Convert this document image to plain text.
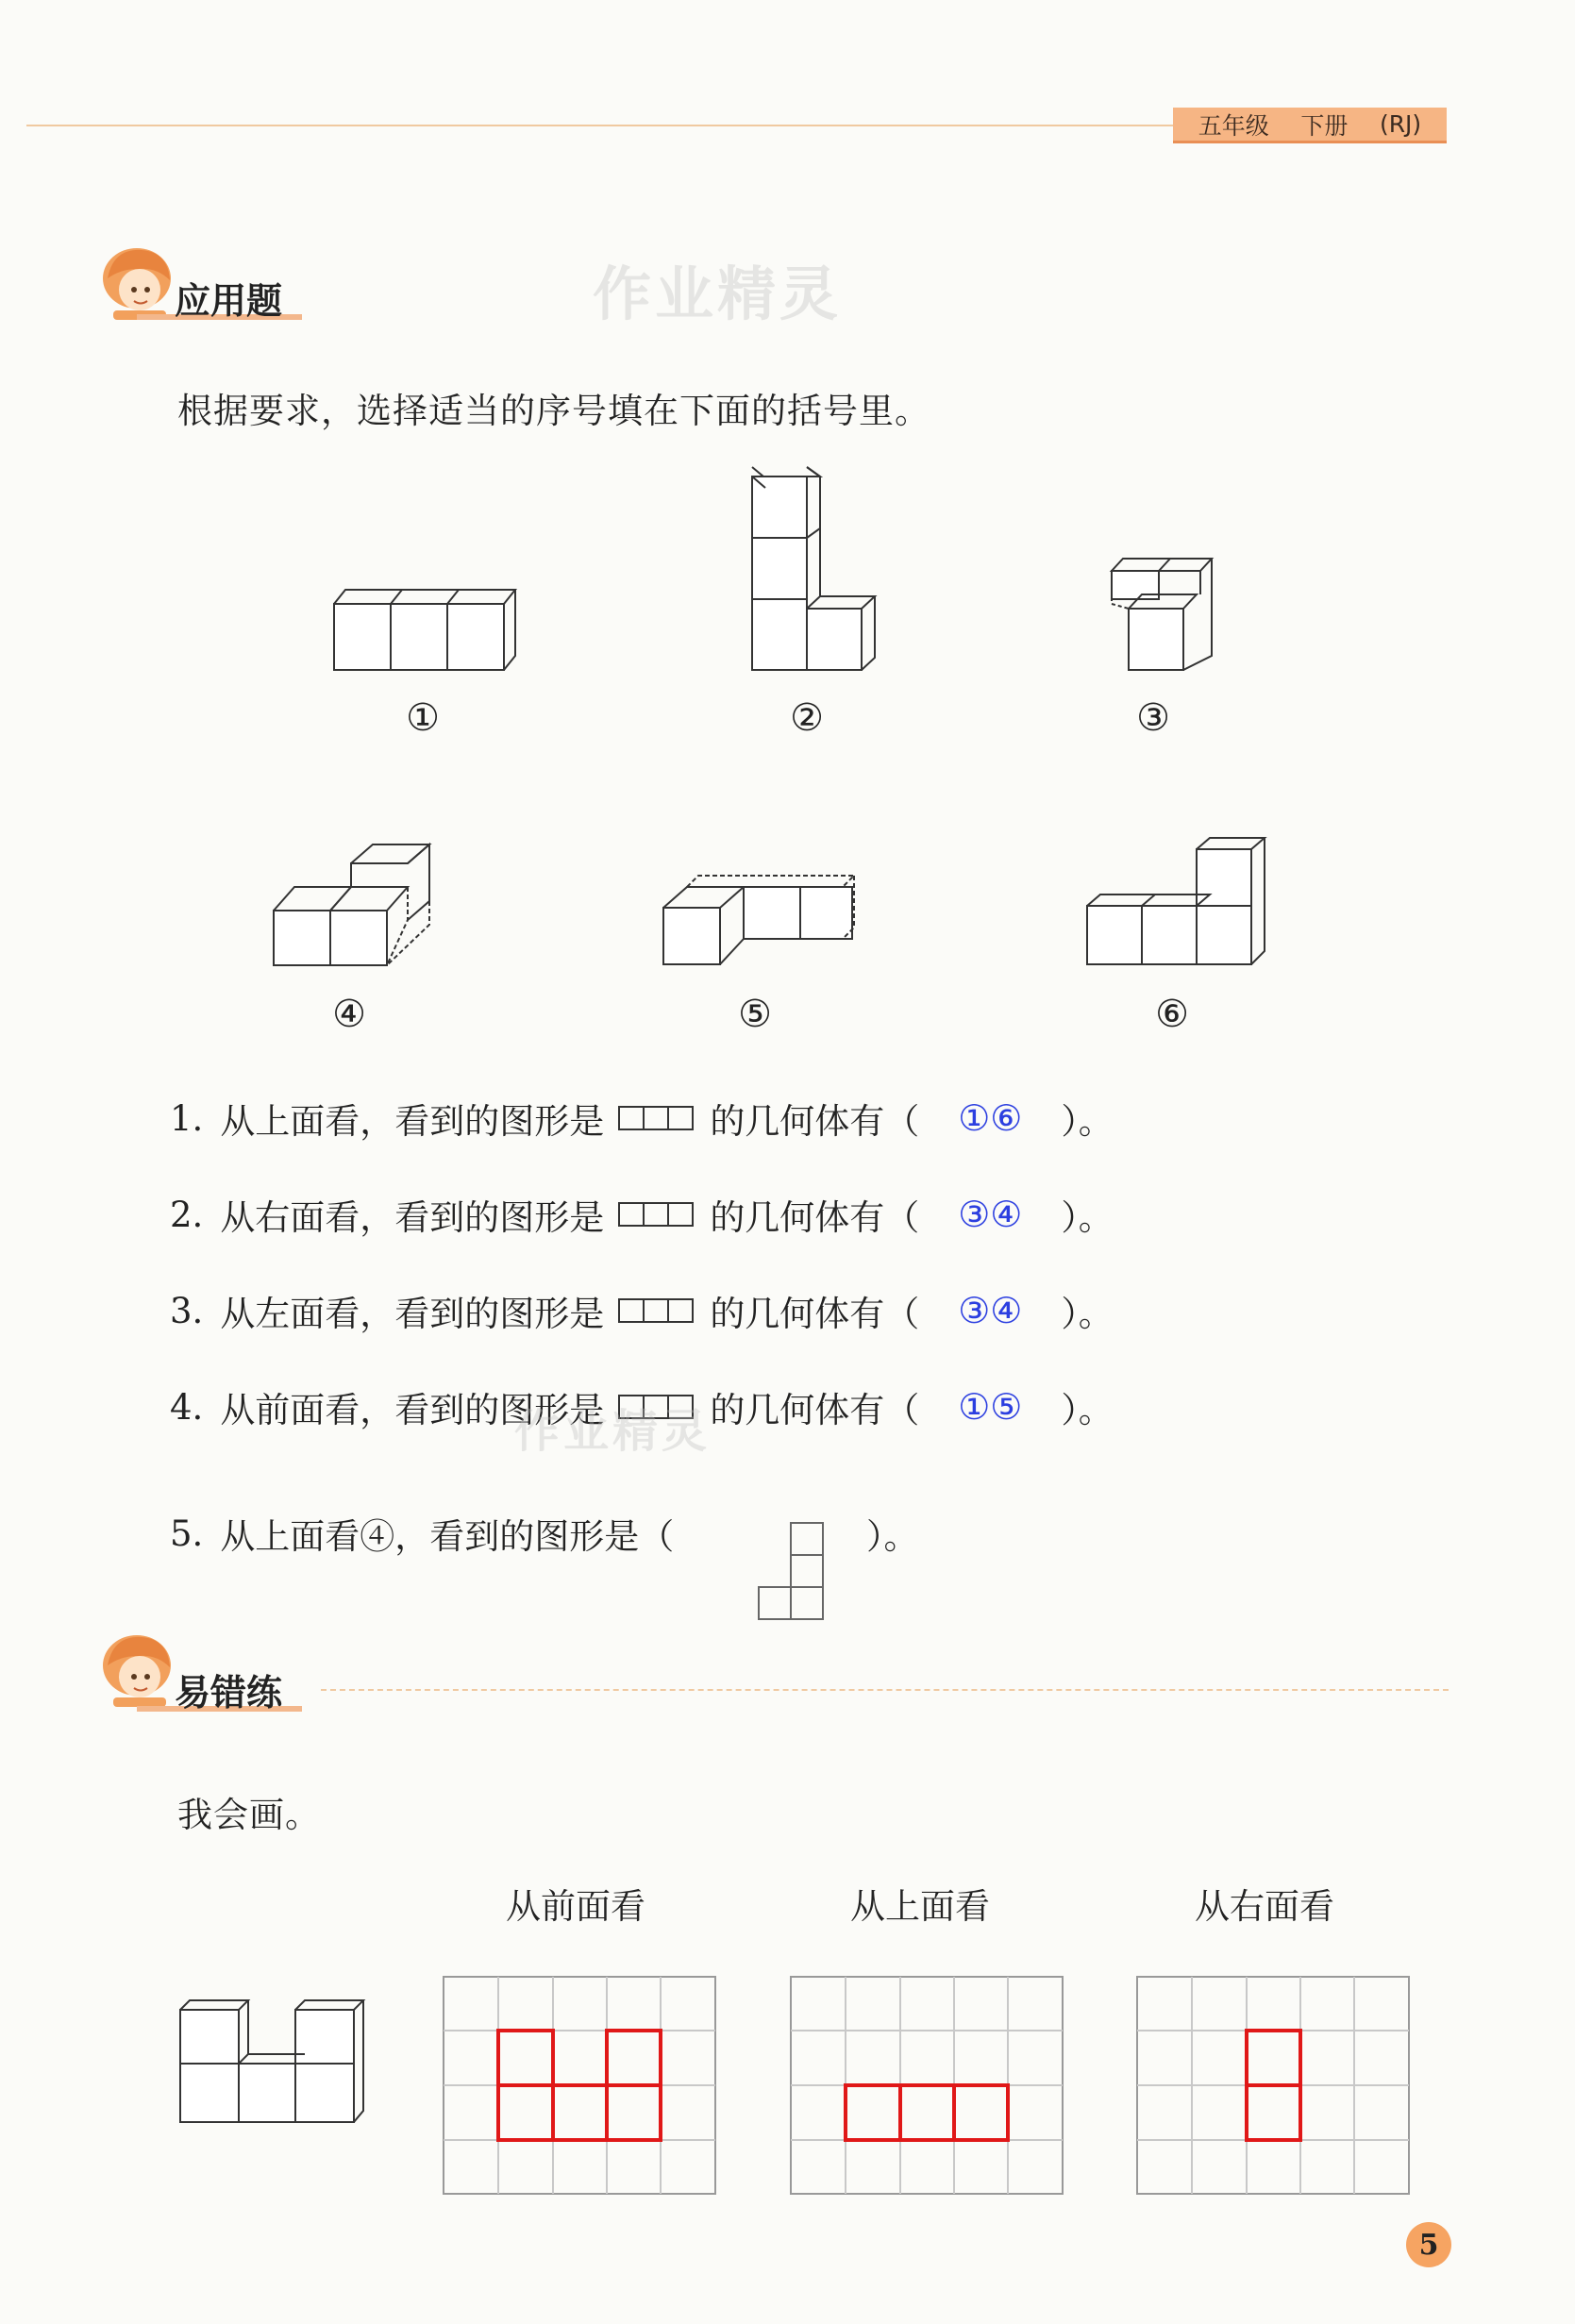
五年级 下册 (RJ)
应用题	作业精灵
根据要求，选择适当的序号填在下面的括号里。
①	②	③
④	⑤	⑥
1. 从上面看，看到的图形是	的几何体有（	①⑥	）。
2. 从右面看，看到的图形是	的几何体有（	③④	）。
3. 从左面看，看到的图形是	的几何体有（	③④	）。
4. 从前面看，看到的图形是	的几何体有（	①⑤	）。
作业精灵
5. 从上面看④，看到的图形是（	）。
易错练
我会画。
从前面看	从上面看	从右面看
5
